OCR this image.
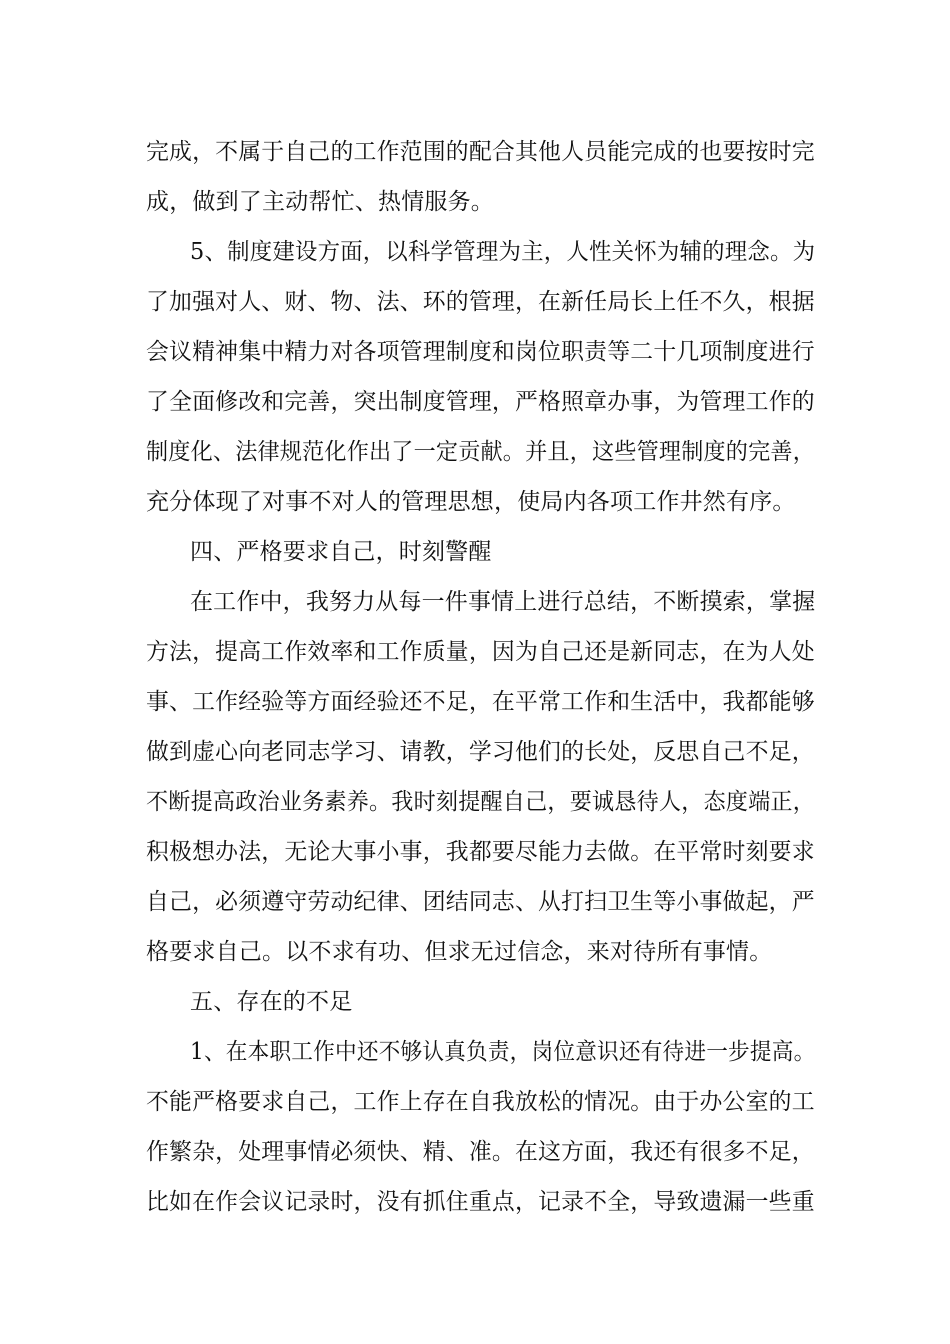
完成，不属于自己的工作范围的配合其他人员能完成的也要按时完
成，做到了主动帮忙、热情服务。
5、制度建设方面，以科学管理为主，人性关怀为辅的理念。为
了加强对人、财、物、法、环的管理，在新任局长上任不久，根据
会议精神集中精力对各项管理制度和岗位职责等二十几项制度进行
了全面修改和完善，突出制度管理，严格照章办事，为管理工作的
制度化、法律规范化作出了一定贡献。并且，这些管理制度的完善，
充分体现了对事不对人的管理思想，使局内各项工作井然有序。
四、严格要求自己，时刻警醒
在工作中，我努力从每一件事情上进行总结，不断摸索，掌握
方法，提高工作效率和工作质量，因为自己还是新同志，在为人处
事、工作经验等方面经验还不足，在平常工作和生活中，我都能够
做到虚心向老同志学习、请教，学习他们的长处，反思自己不足，
不断提高政治业务素养。我时刻提醒自己，要诚恳待人，态度端正，
积极想办法，无论大事小事，我都要尽能力去做。在平常时刻要求
自己，必须遵守劳动纪律、团结同志、从打扫卫生等小事做起，严
格要求自己。以不求有功、但求无过信念，来对待所有事情。
五、存在的不足
1、在本职工作中还不够认真负责，岗位意识还有待进一步提高。
不能严格要求自己，工作上存在自我放松的情况。由于办公室的工
作繁杂，处理事情必须快、精、准。在这方面，我还有很多不足，
比如在作会议记录时，没有抓住重点，记录不全，导致遗漏一些重
